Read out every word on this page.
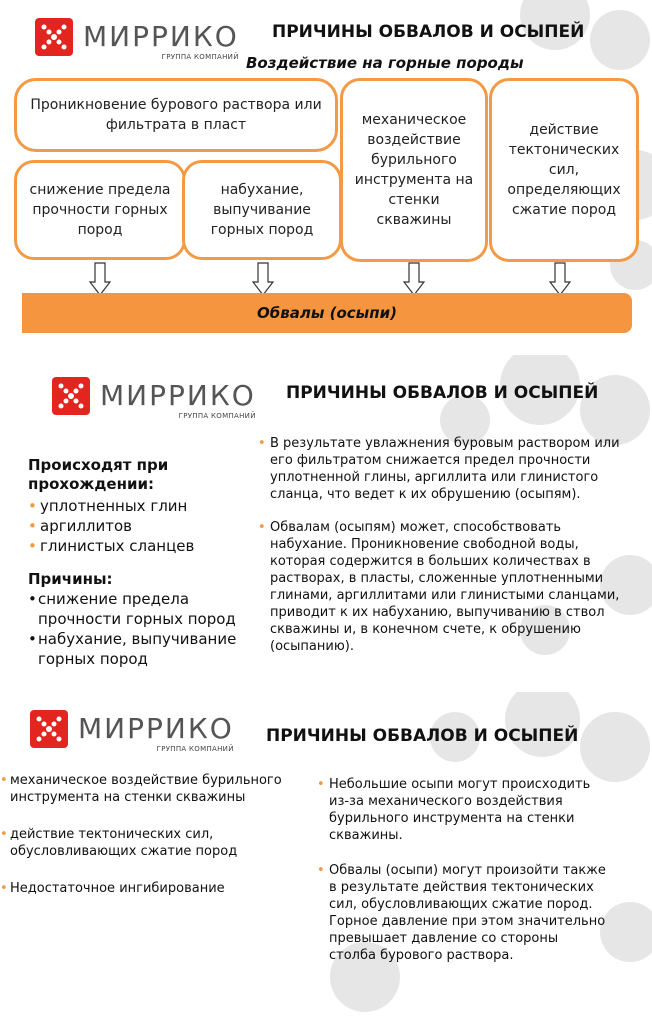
МИРРИКО
ГРУППА КОМПАНИЙ
ПРИЧИНЫ ОБВАЛОВ И ОСЫПЕЙ
Воздействие на горные породы
Проникновение бурового раствора или фильтрата в пласт
снижение предела прочности горных пород
набухание, выпучивание горных пород
механическое воздействие бурильного инструмента на стенки скважины
действие тектонических сил, определяющих сжатие пород
Обвалы (осыпи)
МИРРИКО
ГРУППА КОМПАНИЙ
ПРИЧИНЫ ОБВАЛОВ И ОСЫПЕЙ
Происходят при прохождении:
• уплотненных глин
• аргиллитов
• глинистых сланцев
Причины:
• снижение предела прочности горных пород
• набухание, выпучивание горных пород
• В результате увлажнения буровым раствором или его фильтратом снижается предел прочности уплотненной глины, аргиллита или глинистого сланца, что ведет к их обрушению (осыпям).
• Обвалам (осыпям) может, способствовать набухание. Проникновение свободной воды, которая содержится в больших количествах в растворах, в пласты, сложенные уплотненными глинами, аргиллитами или глинистыми сланцами, приводит к их набуханию, выпучиванию в ствол скважины и, в конечном счете, к обрушению (осыпанию).
МИРРИКО
ГРУППА КОМПАНИЙ
ПРИЧИНЫ ОБВАЛОВ И ОСЫПЕЙ
• механическое воздействие бурильного инструмента на стенки скважины
• действие тектонических сил, обусловливающих сжатие пород
• Недостаточное ингибирование
• Небольшие осыпи могут происходить из-за механического воздействия бурильного инструмента на стенки скважины.
• Обвалы (осыпи) могут произойти также в результате действия тектонических сил, обусловливающих сжатие пород. Горное давление при этом значительно превышает давление со стороны столба бурового раствора.
